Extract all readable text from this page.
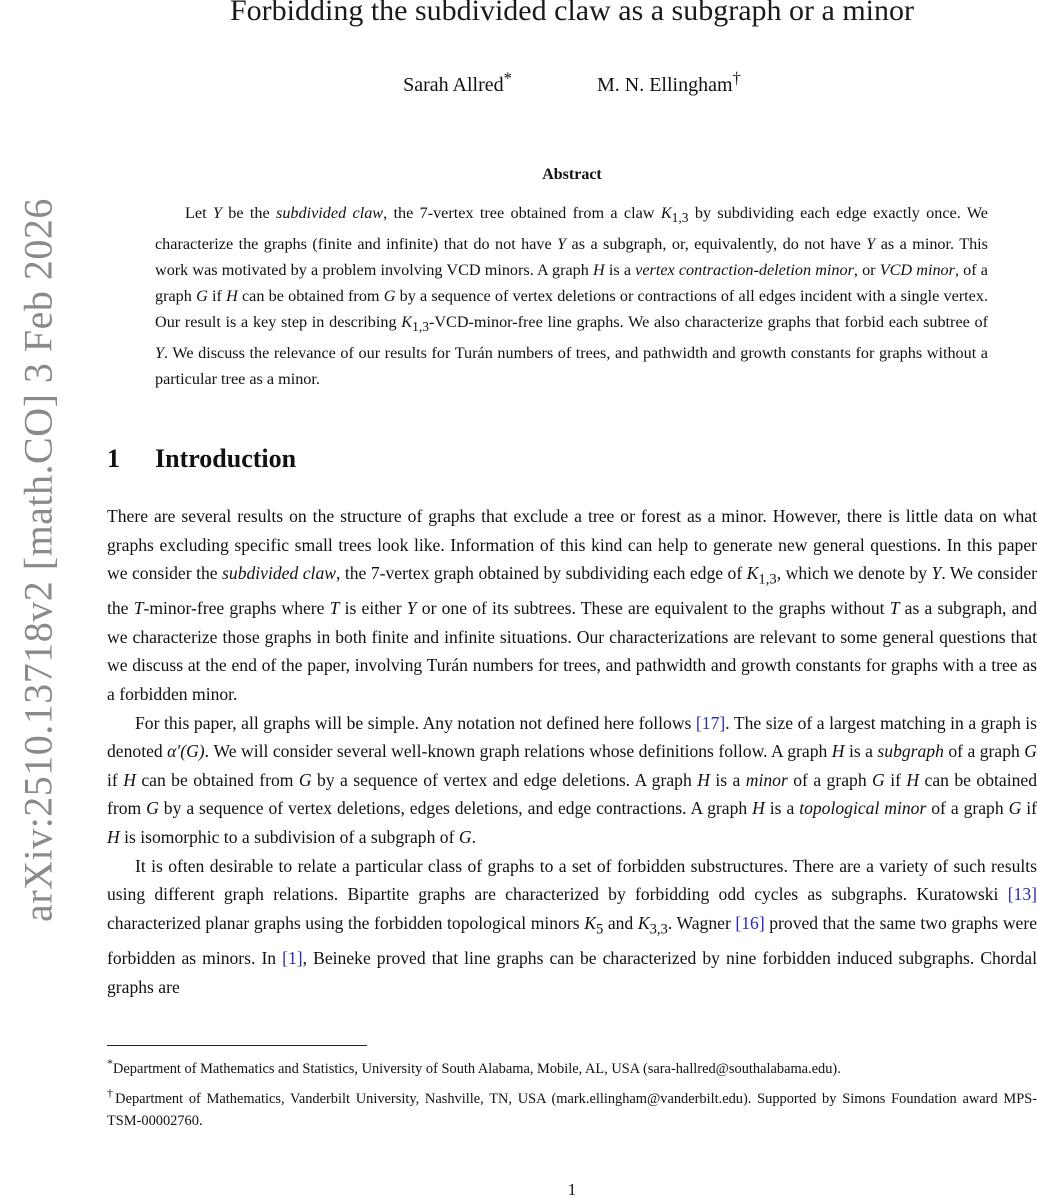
arXiv:2510.13718v2 [math.CO] 3 Feb 2026
Forbidding the subdivided claw as a subgraph or a minor
Sarah Allred*	M. N. Ellingham†
Abstract
Let Y be the subdivided claw, the 7-vertex tree obtained from a claw $K_{1,3}$ by subdividing each edge exactly once. We characterize the graphs (finite and infinite) that do not have Y as a subgraph, or, equivalently, do not have Y as a minor. This work was motivated by a problem involving VCD minors. A graph H is a vertex contraction-deletion minor, or VCD minor, of a graph G if H can be obtained from G by a sequence of vertex deletions or contractions of all edges incident with a single vertex. Our result is a key step in describing $K_{1,3}-VCD-minor$-free line graphs. We also characterize graphs that forbid each subtree of Y. We discuss the relevance of our results for Turán numbers of trees, and pathwidth and growth constants for graphs without a particular tree as a minor.
1 Introduction

There are several results on the structure of graphs that exclude a tree or forest as a minor. However, there is little data on what graphs excluding specific small trees look like. Information of this kind can help to generate new general questions. In this paper we consider the subdivided claw, the 7-vertex graph obtained by subdividing each edge of $K_{1,3}$, which we denote by Y. We consider the T-minor-free graphs where T is either Y or one of its subtrees. These are equivalent to the graphs without T as a subgraph, and we characterize those graphs in both finite and infinite situations. Our characterizations are relevant to some general questions that we discuss at the end of the paper, involving Turán numbers for trees, and pathwidth and growth constants for graphs with a tree as a forbidden minor.

For this paper, all graphs will be simple. Any notation not defined here follows [17]. The size of a largest matching in a graph is denoted α′(G). We will consider several well-known graph relations whose definitions follow. A graph H is a subgraph of a graph G if H can be obtained from G by a sequence of vertex and edge deletions. A graph H is a minor of a graph G if H can be obtained from G by a sequence of vertex deletions, edges deletions, and edge contractions. A graph H is a topological minor of a graph G if H is isomorphic to a subdivision of a subgraph of G.

It is often desirable to relate a particular class of graphs to a set of forbidden substructures. There are a variety of such results using different graph relations. Bipartite graphs are characterized by forbidding odd cycles as subgraphs. Kuratowski [13] characterized planar graphs using the forbidden topological minors $K_5$ and $K_{3,3}$. Wagner [16] proved that the same two graphs were forbidden as minors. In [1], Beineke proved that line graphs can be characterized by nine forbidden induced subgraphs. Chordal graphs are

*Department of Mathematics and Statistics, University of South Alabama, Mobile, AL, USA (sara-hallred@southalabama.edu).

†Department of Mathematics, Vanderbilt University, Nashville, TN, USA (mark.ellingham@vanderbilt.edu). Supported by Simons Foundation award MPS-TSM-00002760.

1
